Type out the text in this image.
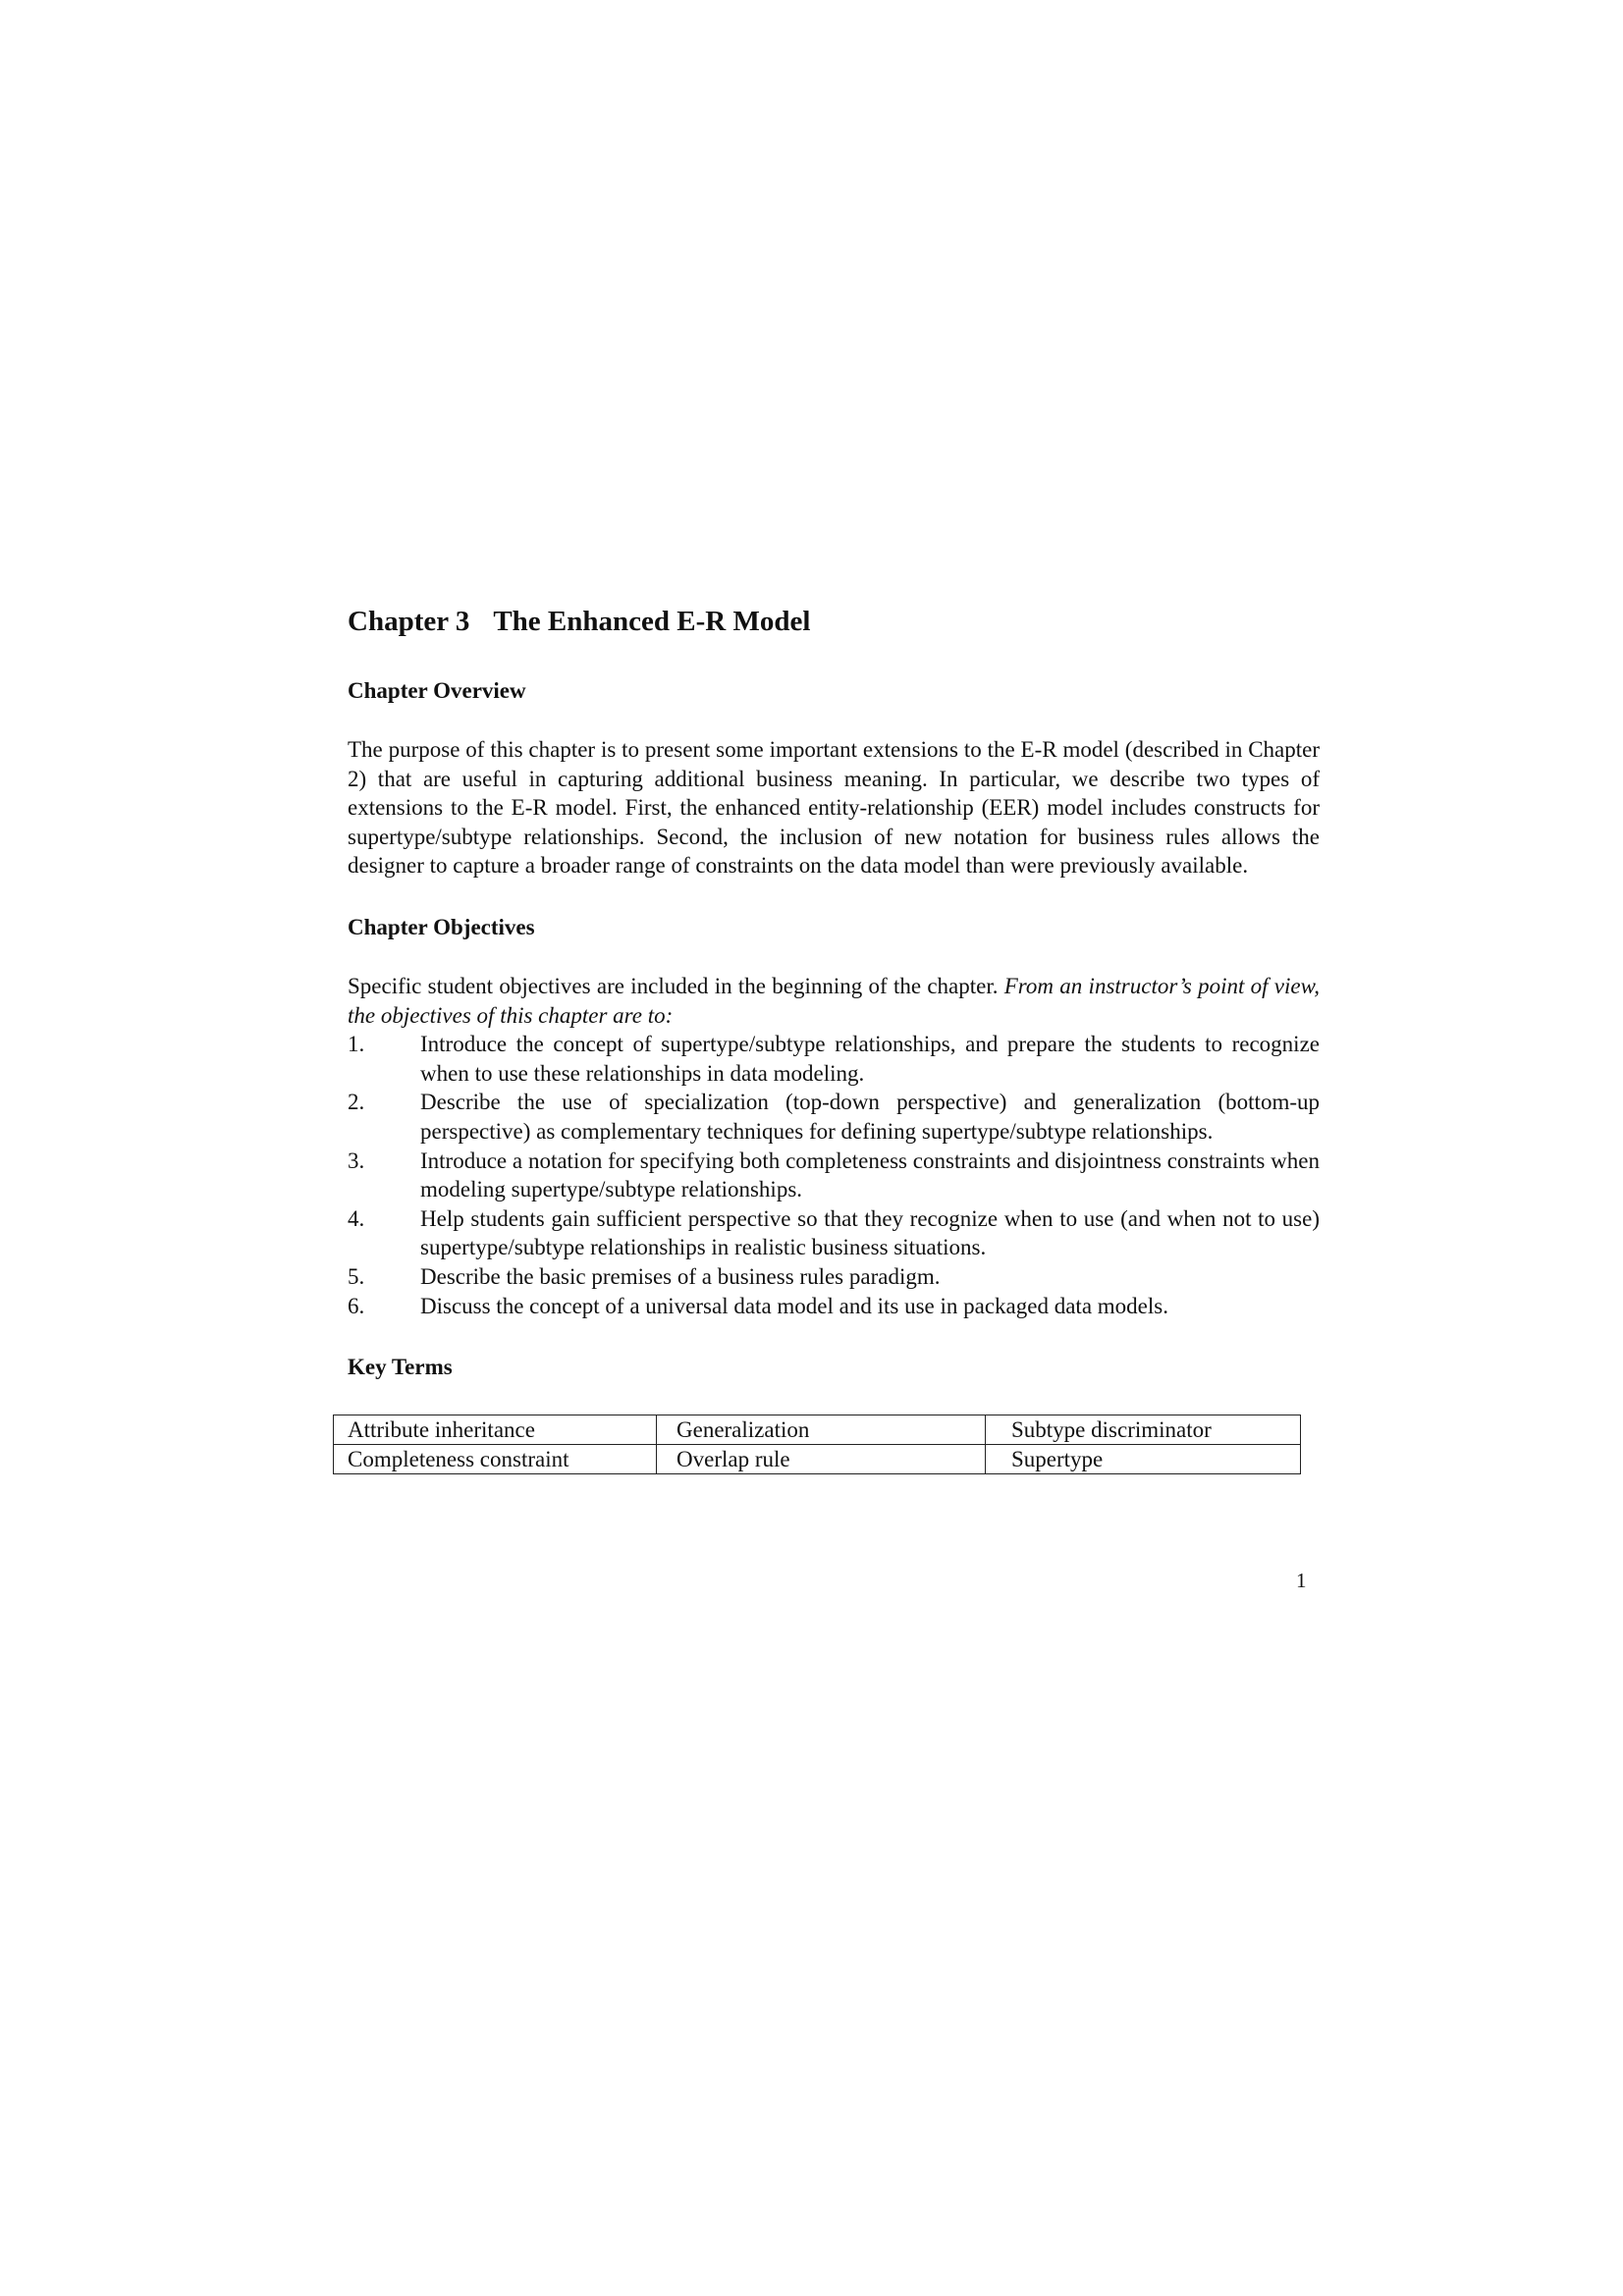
Chapter 3 The Enhanced E-R Model
Chapter Overview

The purpose of this chapter is to present some important extensions to the E-R model (described in Chapter 2) that are useful in capturing additional business meaning. In particular, we describe two types of extensions to the E-R model. First, the enhanced entity-relationship (EER) model includes constructs for supertype/subtype relationships. Second, the inclusion of new notation for business rules allows the designer to capture a broader range of constraints on the data model than were previously available.

Chapter Objectives

Specific student objectives are included in the beginning of the chapter. From an instructor’s point of view, the objectives of this chapter are to:

1.	Introduce the concept of supertype/subtype relationships, and prepare the students to recognize when to use these relationships in data modeling.
2.	Describe the use of specialization (top-down perspective) and generalization (bottom-up perspective) as complementary techniques for defining supertype/subtype relationships.
3.	Introduce a notation for specifying both completeness constraints and disjointness constraints when modeling supertype/subtype relationships.
4.	Help students gain sufficient perspective so that they recognize when to use (and when not to use) supertype/subtype relationships in realistic business situations.
5.	Describe the basic premises of a business rules paradigm.
6.	Discuss the concept of a universal data model and its use in packaged data models.
Key Terms
Attribute inheritance	Generalization	Subtype discriminator
Completeness constraint	Overlap rule	Supertype

1
